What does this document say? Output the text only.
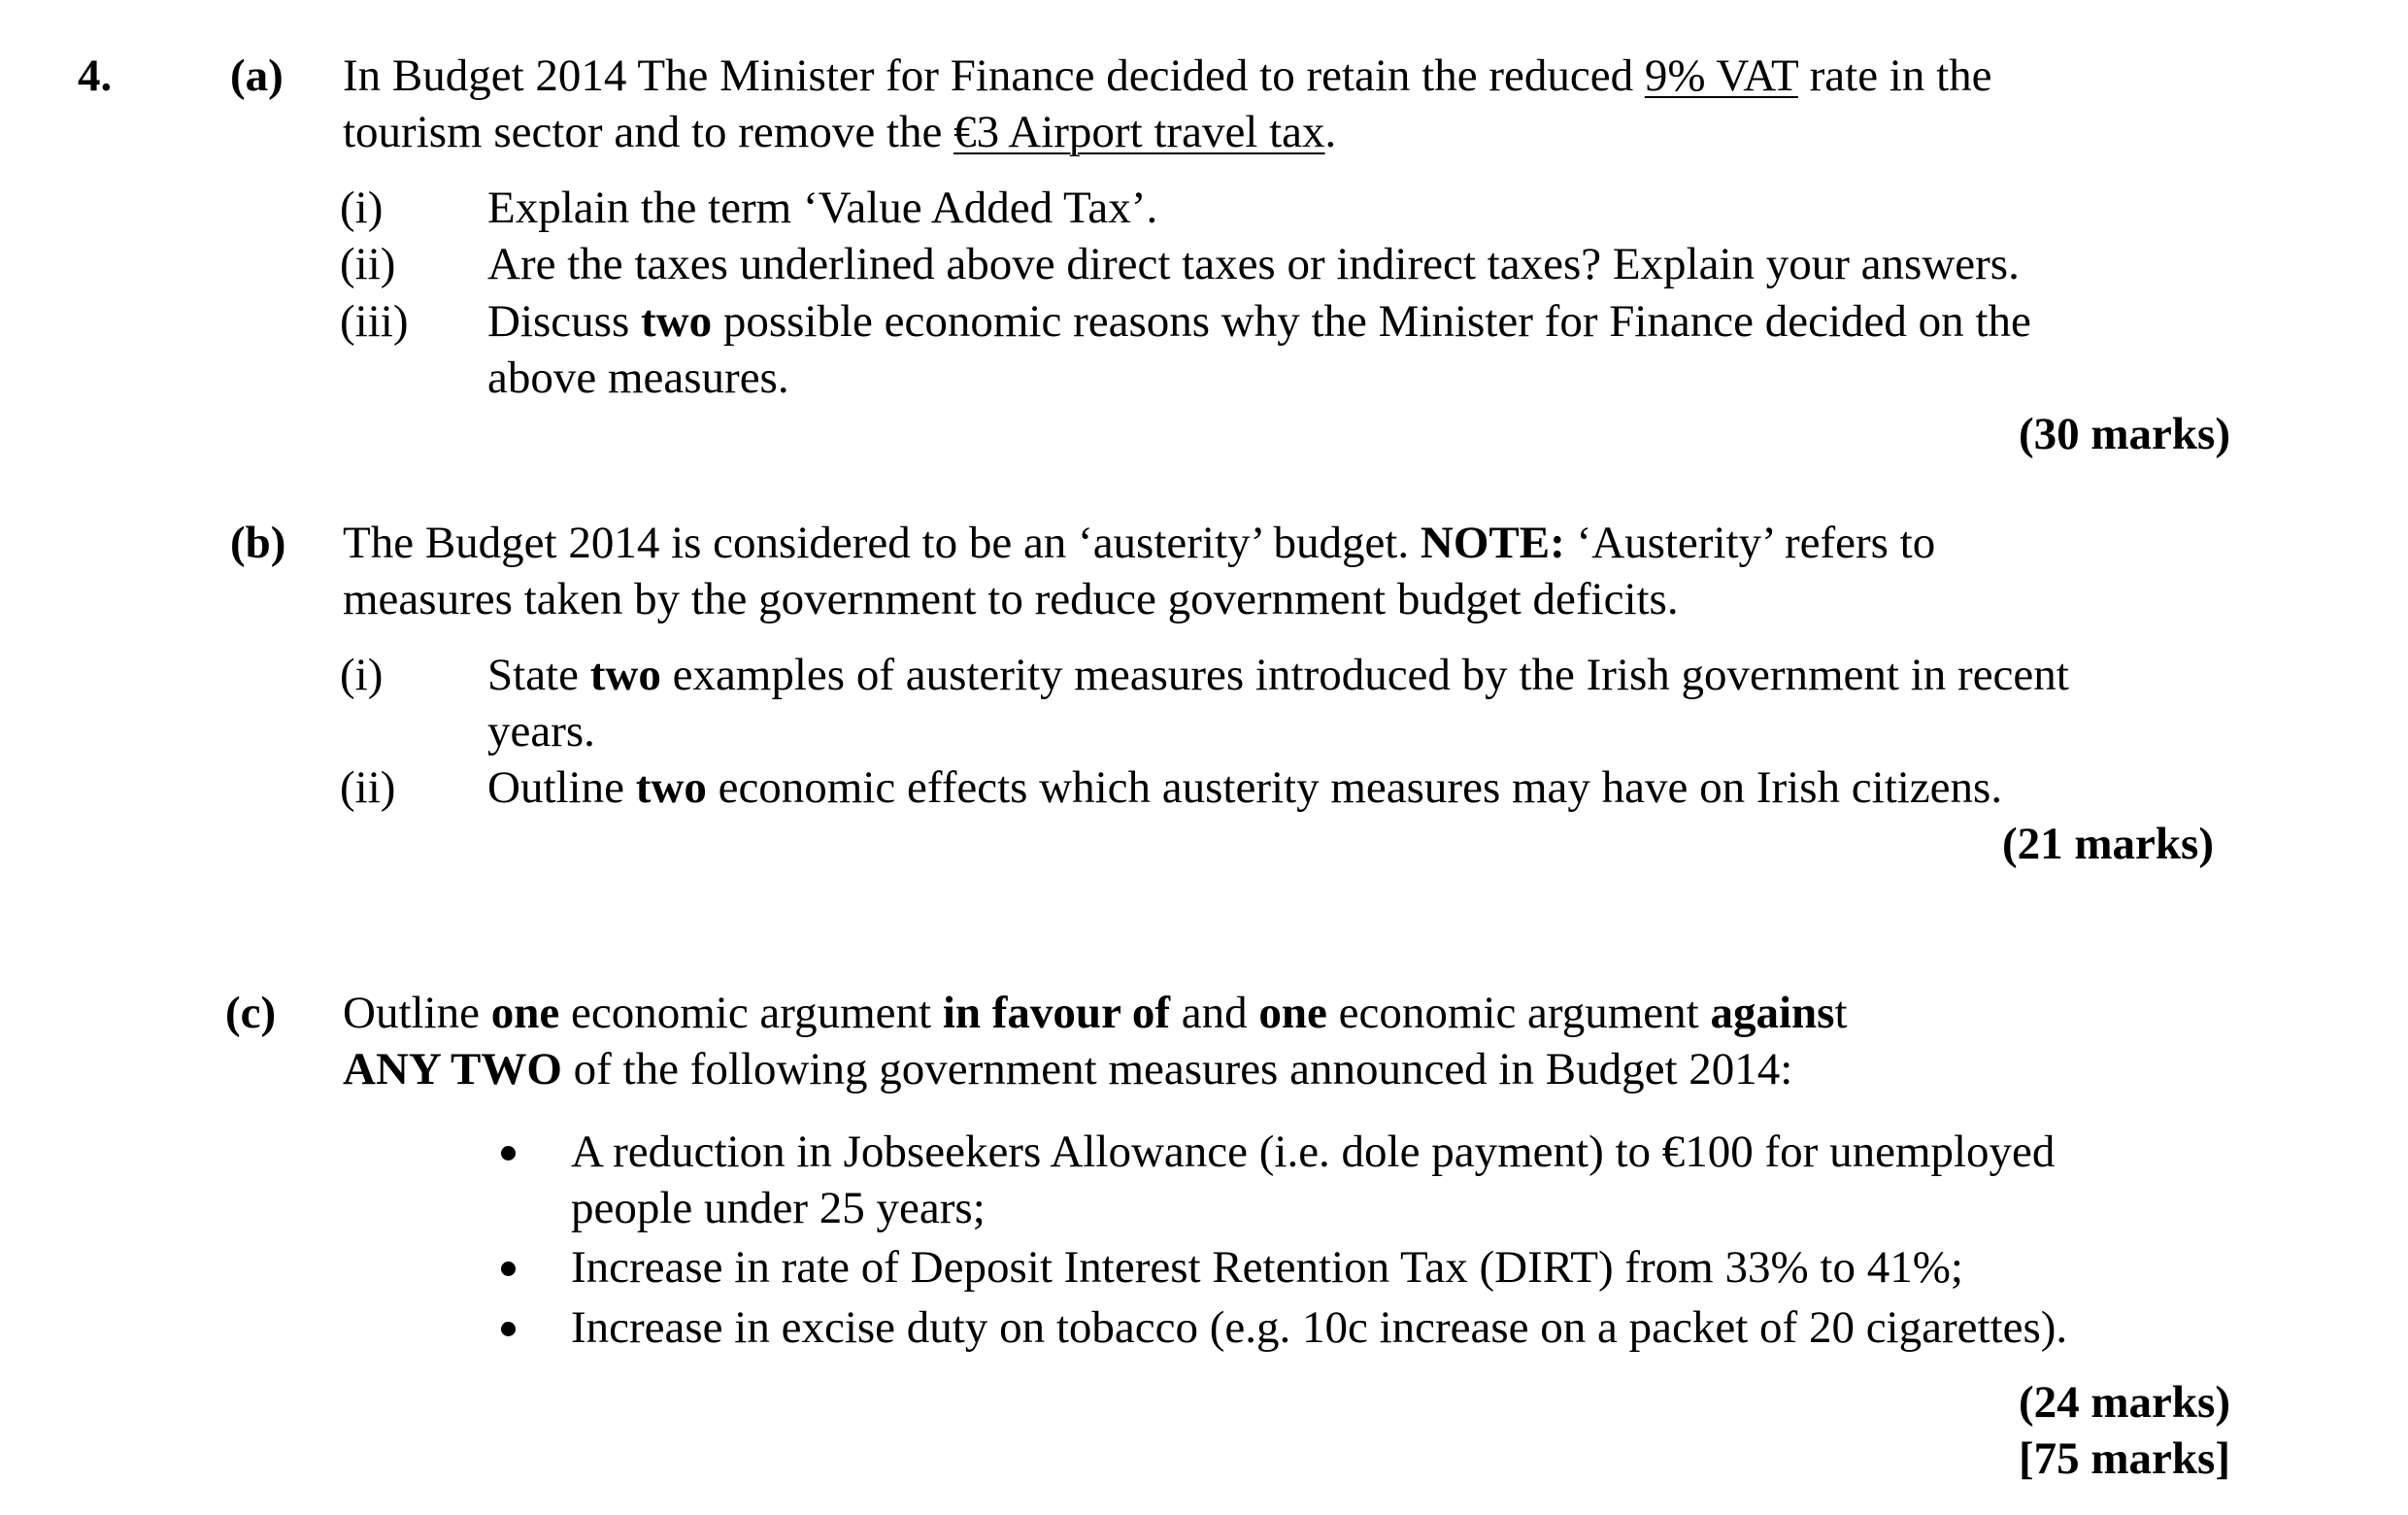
4.	(a) In Budget 2014 The Minister for Finance decided to retain the reduced 9% VAT rate in the
tourism sector and to remove the €3 Airport travel tax.
(i) Explain the term ‘Value Added Tax’.
(ii) Are the taxes underlined above direct taxes or indirect taxes? Explain your answers.
(iii) Discuss two possible economic reasons why the Minister for Finance decided on the
above measures.
(30 marks)
(b) The Budget 2014 is considered to be an ‘austerity’ budget. NOTE: ‘Austerity’ refers to
measures taken by the government to reduce government budget deficits.
(i) State two examples of austerity measures introduced by the Irish government in recent
years.
(ii) Outline two economic effects which austerity measures may have on Irish citizens.
(21 marks)
(c) Outline one economic argument in favour of and one economic argument against
ANY TWO of the following government measures announced in Budget 2014:
A reduction in Jobseekers Allowance (i.e. dole payment) to €100 for unemployed
people under 25 years;
Increase in rate of Deposit Interest Retention Tax (DIRT) from 33% to 41%;
Increase in excise duty on tobacco (e.g. 10c increase on a packet of 20 cigarettes).
(24 marks)
[75 marks]
